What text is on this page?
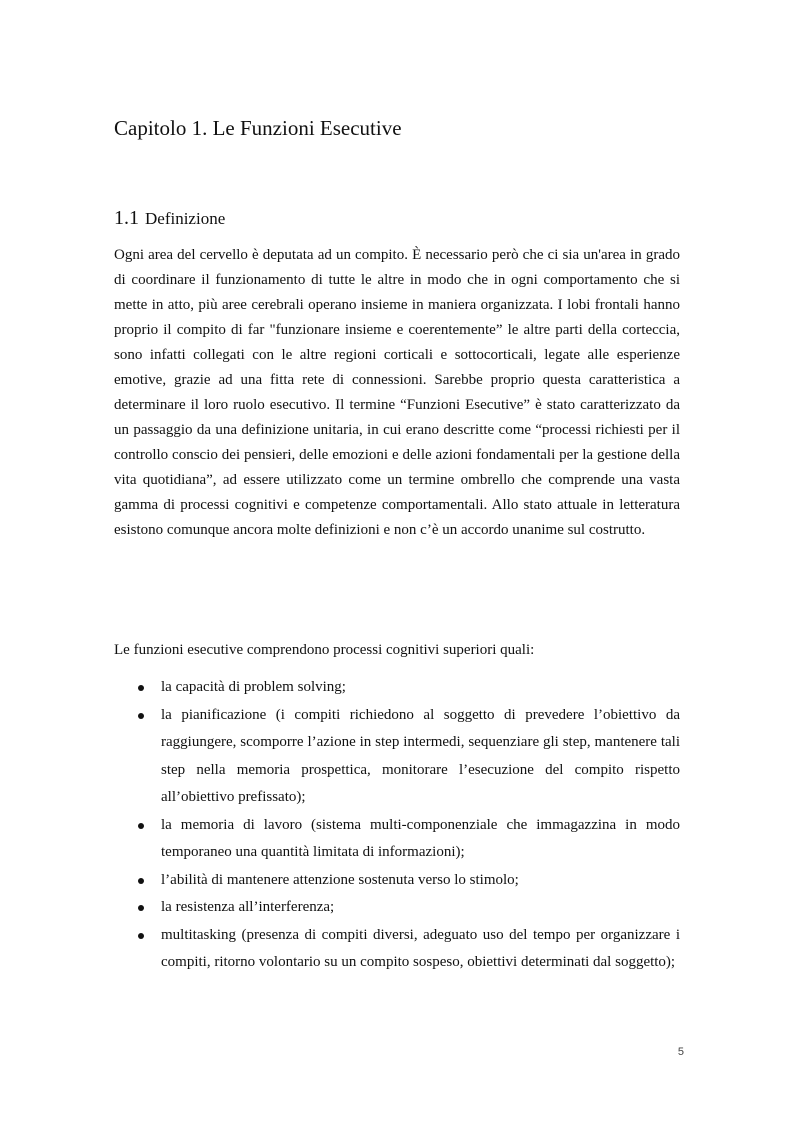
Capitolo 1. Le Funzioni Esecutive
1.1 Definizione

Ogni area del cervello è deputata ad un compito. È necessario però che ci sia un'area in grado di coordinare il funzionamento di tutte le altre in modo che in ogni comportamento che si mette in atto, più aree cerebrali operano insieme in maniera organizzata. I lobi frontali hanno proprio il compito di far "funzionare insieme e coerentemente” le altre parti della corteccia, sono infatti collegati con le altre regioni corticali e sottocorticali, legate alle esperienze emotive, grazie ad una fitta rete di connessioni. Sarebbe proprio questa caratteristica a determinare il loro ruolo esecutivo. Il termine “Funzioni Esecutive” è stato caratterizzato da un passaggio da una definizione unitaria, in cui erano descritte come “processi richiesti per il controllo conscio dei pensieri, delle emozioni e delle azioni fondamentali per la gestione della vita quotidiana”, ad essere utilizzato come un termine ombrello che comprende una vasta gamma di processi cognitivi e competenze comportamentali. Allo stato attuale in letteratura esistono comunque ancora molte definizioni e non c’è un accordo unanime sul costrutto.

Le funzioni esecutive comprendono processi cognitivi superiori quali:

la capacità di problem solving;
la pianificazione (i compiti richiedono al soggetto di prevedere l’obiettivo da raggiungere, scomporre l’azione in step intermedi, sequenziare gli step, mantenere tali step nella memoria prospettica, monitorare l’esecuzione del compito rispetto all’obiettivo prefissato);
la memoria di lavoro (sistema multi-componenziale che immagazzina in modo temporaneo una quantità limitata di informazioni);
l’abilità di mantenere attenzione sostenuta verso lo stimolo;
la resistenza all’interferenza;
multitasking (presenza di compiti diversi, adeguato uso del tempo per organizzare i compiti, ritorno volontario su un compito sospeso, obiettivi determinati dal soggetto);
5
